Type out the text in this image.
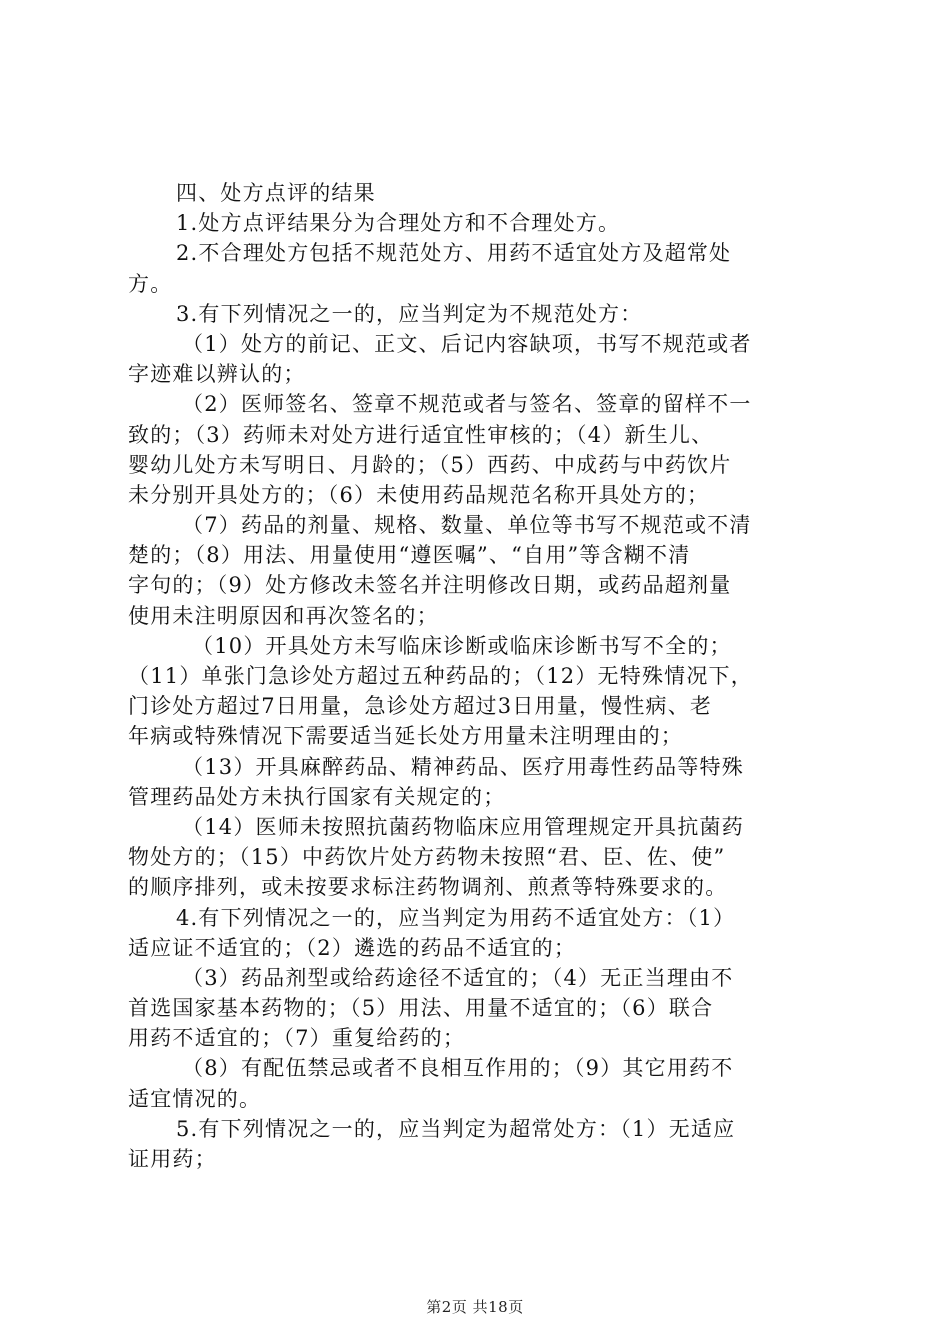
四、处方点评的结果
1.处方点评结果分为合理处方和不合理处方。
2.不合理处方包括不规范处方、用药不适宜处方及超常处
方。
3.有下列情况之一的，应当判定为不规范处方：
（1）处方的前记、正文、后记内容缺项，书写不规范或者
字迹难以辨认的；
（2）医师签名、签章不规范或者与签名、签章的留样不一
致的；（3）药师未对处方进行适宜性审核的；（4）新生儿、
婴幼儿处方未写明日、月龄的；（5）西药、中成药与中药饮片
未分别开具处方的；（6）未使用药品规范名称开具处方的；
（7）药品的剂量、规格、数量、单位等书写不规范或不清
楚的；（8）用法、用量使用“遵医嘱”、“自用”等含糊不清
字句的；（9）处方修改未签名并注明修改日期，或药品超剂量
使用未注明原因和再次签名的；
（10）开具处方未写临床诊断或临床诊断书写不全的；
（11）单张门急诊处方超过五种药品的；（12）无特殊情况下，
门诊处方超过7日用量，急诊处方超过3日用量，慢性病、老
年病或特殊情况下需要适当延长处方用量未注明理由的；
（13）开具麻醉药品、精神药品、医疗用毒性药品等特殊
管理药品处方未执行国家有关规定的；
（14）医师未按照抗菌药物临床应用管理规定开具抗菌药
物处方的；（15）中药饮片处方药物未按照“君、臣、佐、使”
的顺序排列，或未按要求标注药物调剂、煎煮等特殊要求的。
4.有下列情况之一的，应当判定为用药不适宜处方：（1）
适应证不适宜的；（2）遴选的药品不适宜的；
（3）药品剂型或给药途径不适宜的；（4）无正当理由不
首选国家基本药物的；（5）用法、用量不适宜的；（6）联合
用药不适宜的；（7）重复给药的；
（8）有配伍禁忌或者不良相互作用的；（9）其它用药不
适宜情况的。
5.有下列情况之一的，应当判定为超常处方：（1）无适应
证用药；
第2页 共18页
